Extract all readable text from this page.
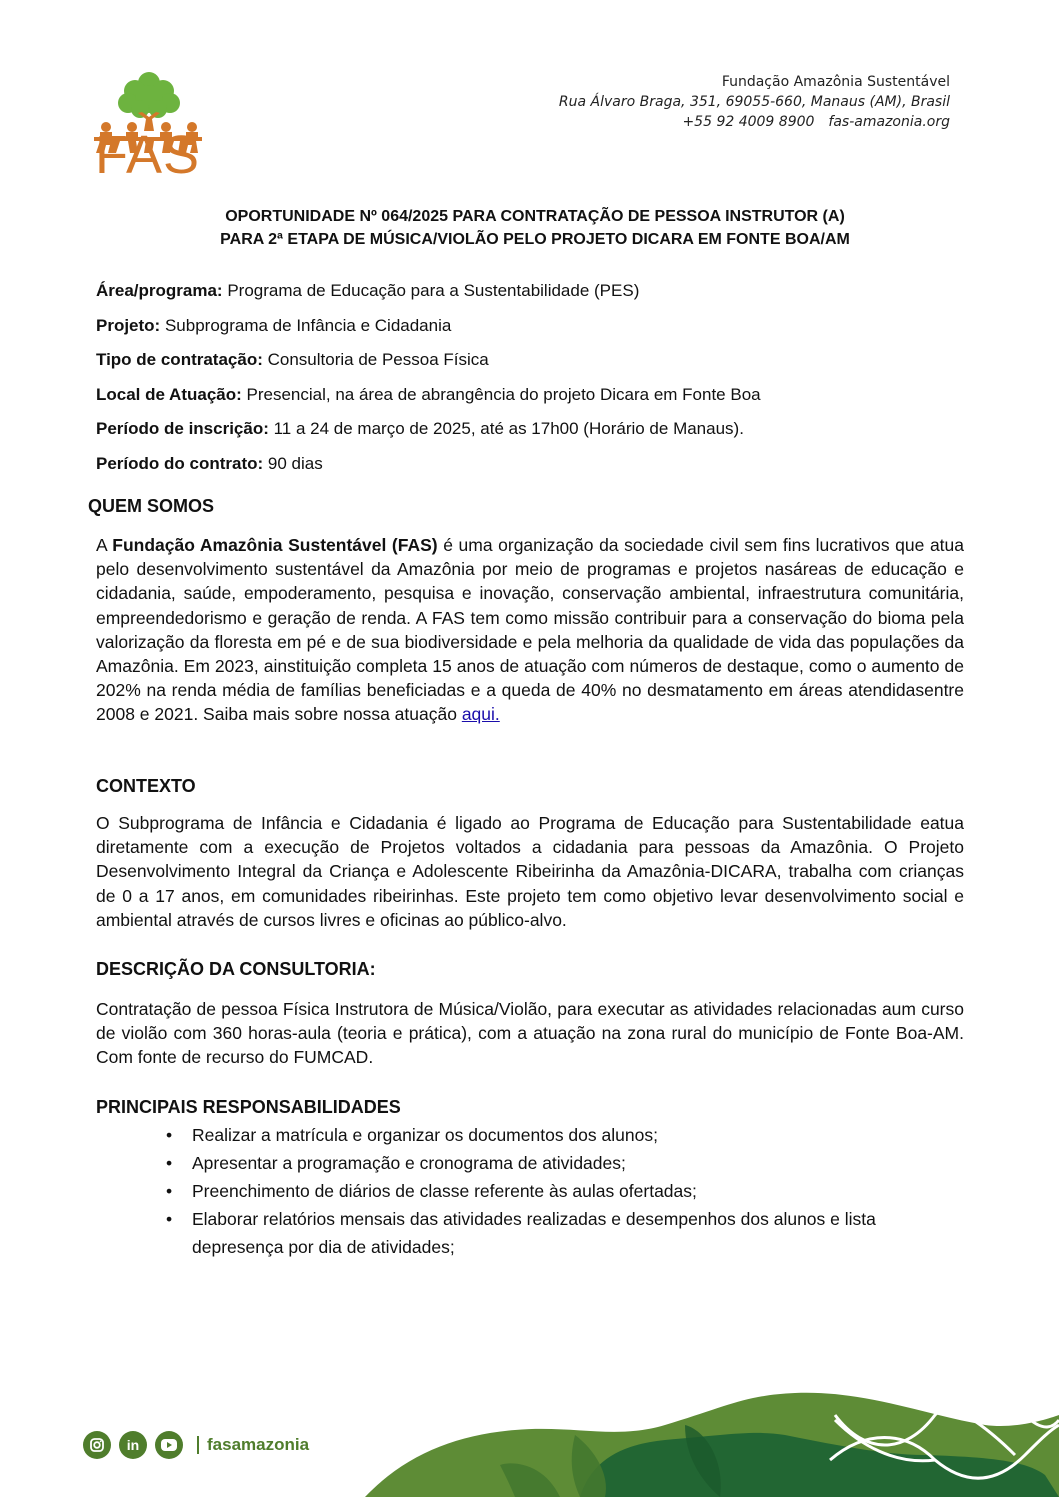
FAS
Fundação Amazônia Sustentável
Rua Álvaro Braga, 351, 69055-660, Manaus (AM), Brasil
+55 92 4009 8900 fas-amazonia.org
OPORTUNIDADE Nº 064/2025 PARA CONTRATAÇÃO DE PESSOA INSTRUTOR (A)
PARA 2ª ETAPA DE MÚSICA/VIOLÃO PELO PROJETO DICARA EM FONTE BOA/AM
Área/programa: Programa de Educação para a Sustentabilidade (PES)
Projeto: Subprograma de Infância e Cidadania
Tipo de contratação: Consultoria de Pessoa Física
Local de Atuação: Presencial, na área de abrangência do projeto Dicara em Fonte Boa
Período de inscrição: 11 a 24 de março de 2025, até as 17h00 (Horário de Manaus).
Período do contrato: 90 dias
QUEM SOMOS
A Fundação Amazônia Sustentável (FAS) é uma organização da sociedade civil sem fins lucrativos que atua pelo desenvolvimento sustentável da Amazônia por meio de programas e projetos nasáreas de educação e cidadania, saúde, empoderamento, pesquisa e inovação, conservação ambiental, infraestrutura comunitária, empreendedorismo e geração de renda. A FAS tem como missão contribuir para a conservação do bioma pela valorização da floresta em pé e de sua biodiversidade e pela melhoria da qualidade de vida das populações da Amazônia. Em 2023, ainstituição completa 15 anos de atuação com números de destaque, como o aumento de 202% na renda média de famílias beneficiadas e a queda de 40% no desmatamento em áreas atendidasentre 2008 e 2021. Saiba mais sobre nossa atuação aqui.
CONTEXTO
O Subprograma de Infância e Cidadania é ligado ao Programa de Educação para Sustentabilidade eatua diretamente com a execução de Projetos voltados a cidadania para pessoas da Amazônia. O Projeto Desenvolvimento Integral da Criança e Adolescente Ribeirinha da Amazônia-DICARA, trabalha com crianças de 0 a 17 anos, em comunidades ribeirinhas. Este projeto tem como objetivo levar desenvolvimento social e ambiental através de cursos livres e oficinas ao público-alvo.
DESCRIÇÃO DA CONSULTORIA:
Contratação de pessoa Física Instrutora de Música/Violão, para executar as atividades relacionadas aum curso de violão com 360 horas-aula (teoria e prática), com a atuação na zona rural do município de Fonte Boa-AM. Com fonte de recurso do FUMCAD.
PRINCIPAIS RESPONSABILIDADES
• Realizar a matrícula e organizar os documentos dos alunos;
• Apresentar a programação e cronograma de atividades;
• Preenchimento de diários de classe referente às aulas ofertadas;
• Elaborar relatórios mensais das atividades realizadas e desempenhos dos alunos e lista depresença por dia de atividades;
in	fasamazonia
